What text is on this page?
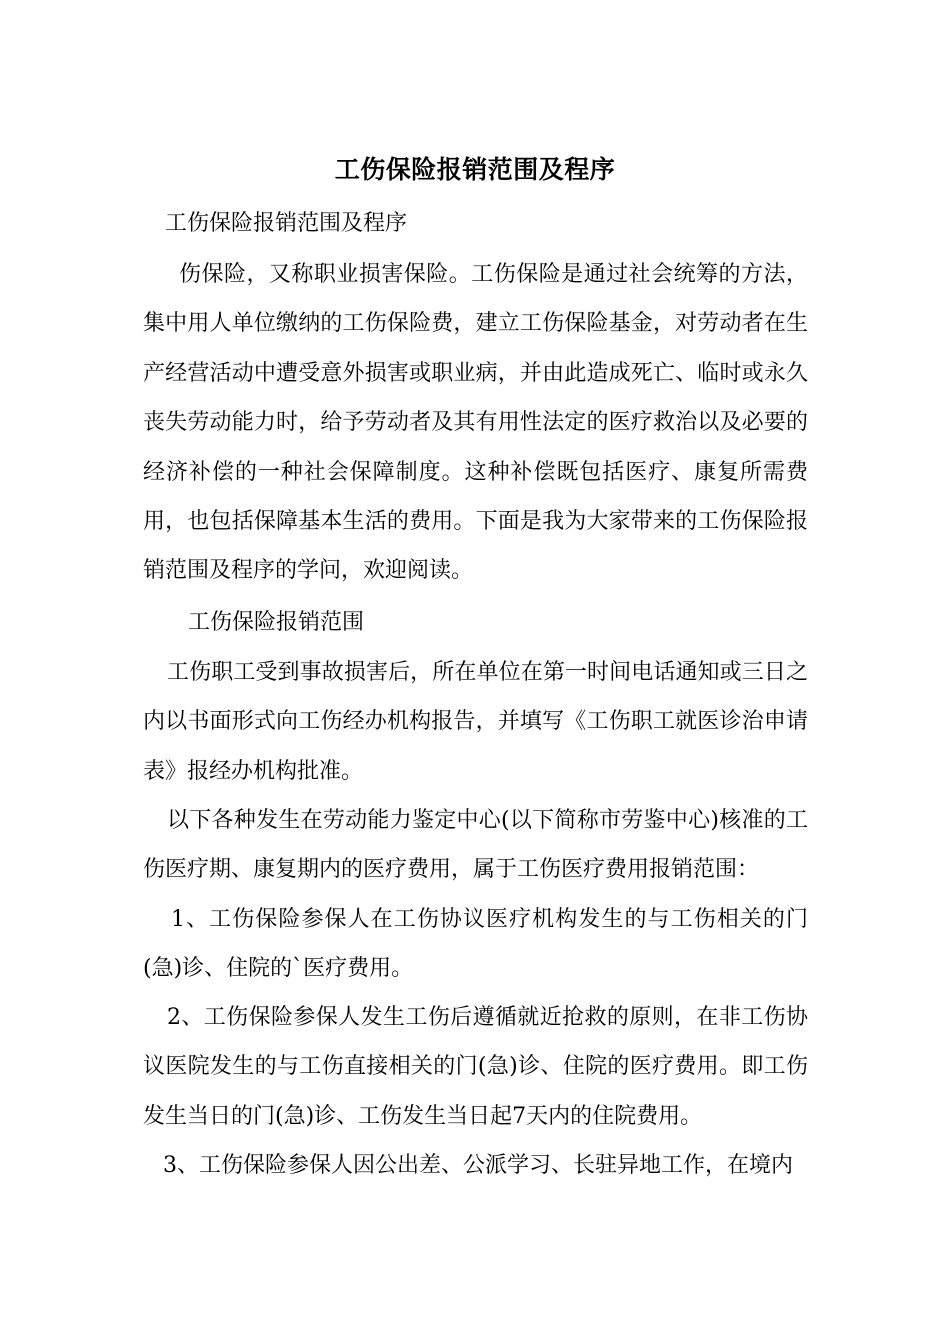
工伤保险报销范围及程序
工伤保险报销范围及程序

伤保险，又称职业损害保险。工伤保险是通过社会统筹的方法，集中用人单位缴纳的工伤保险费，建立工伤保险基金，对劳动者在生产经营活动中遭受意外损害或职业病，并由此造成死亡、临时或永久丧失劳动能力时，给予劳动者及其有用性法定的医疗救治以及必要的经济补偿的一种社会保障制度。这种补偿既包括医疗、康复所需费用，也包括保障基本生活的费用。下面是我为大家带来的工伤保险报销范围及程序的学问，欢迎阅读。

工伤保险报销范围

工伤职工受到事故损害后，所在单位在第一时间电话通知或三日之内以书面形式向工伤经办机构报告，并填写《工伤职工就医诊治申请表》报经办机构批准。

以下各种发生在劳动能力鉴定中心(以下简称市劳鉴中心)核准的工伤医疗期、康复期内的医疗费用，属于工伤医疗费用报销范围：

1、工伤保险参保人在工伤协议医疗机构发生的与工伤相关的门(急)诊、住院的`医疗费用。

2、工伤保险参保人发生工伤后遵循就近抢救的原则，在非工伤协议医院发生的与工伤直接相关的门(急)诊、住院的医疗费用。即工伤发生当日的门(急)诊、工伤发生当日起7天内的住院费用。

3、工伤保险参保人因公出差、公派学习、长驻异地工作，在境内
